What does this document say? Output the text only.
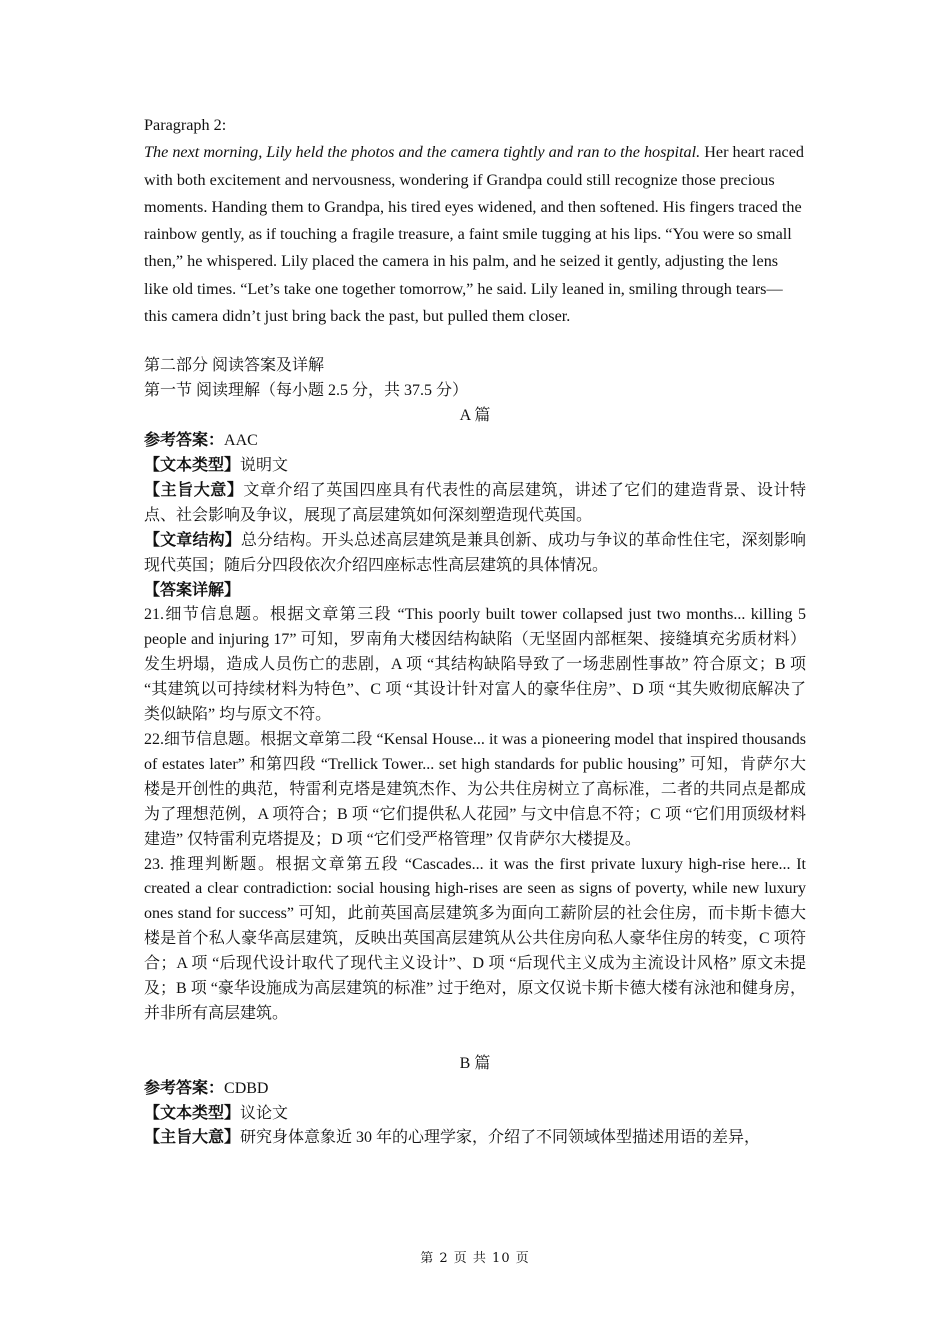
Paragraph 2:
The next morning, Lily held the photos and the camera tightly and ran to the hospital. Her heart raced with both excitement and nervousness, wondering if Grandpa could still recognize those precious moments. Handing them to Grandpa, his tired eyes widened, and then softened. His fingers traced the rainbow gently, as if touching a fragile treasure, a faint smile tugging at his lips. “You were so small then,” he whispered. Lily placed the camera in his palm, and he seized it gently, adjusting the lens like old times. “Let’s take one together tomorrow,” he said. Lily leaned in, smiling through tears—this camera didn’t just bring back the past, but pulled them closer.

第二部分 阅读答案及详解

第一节 阅读理解（每小题 2.5 分，共 37.5 分）

A 篇

参考答案：AAC

【文本类型】说明文

【主旨大意】文章介绍了英国四座具有代表性的高层建筑，讲述了它们的建造背景、设计特点、社会影响及争议，展现了高层建筑如何深刻塑造现代英国。

【文章结构】总分结构。开头总述高层建筑是兼具创新、成功与争议的革命性住宅，深刻影响现代英国；随后分四段依次介绍四座标志性高层建筑的具体情况。

【答案详解】

21.细节信息题。根据文章第三段 “This poorly built tower collapsed just two months... killing 5 people and injuring 17” 可知，罗南角大楼因结构缺陷（无坚固内部框架、接缝填充劣质材料）发生坍塌，造成人员伤亡的悲剧，A 项 “其结构缺陷导致了一场悲剧性事故” 符合原文；B 项 “其建筑以可持续材料为特色”、C 项 “其设计针对富人的豪华住房”、D 项 “其失败彻底解决了类似缺陷” 均与原文不符。

22.细节信息题。根据文章第二段 “Kensal House... it was a pioneering model that inspired thousands of estates later” 和第四段 “Trellick Tower... set high standards for public housing” 可知，肯萨尔大楼是开创性的典范，特雷利克塔是建筑杰作、为公共住房树立了高标准，二者的共同点是都成为了理想范例，A 项符合；B 项 “它们提供私人花园” 与文中信息不符；C 项 “它们用顶级材料建造” 仅特雷利克塔提及；D 项 “它们受严格管理” 仅肯萨尔大楼提及。

23. 推理判断题。根据文章第五段 “Cascades... it was the first private luxury high-rise here... It created a clear contradiction: social housing high-rises are seen as signs of poverty, while new luxury ones stand for success” 可知，此前英国高层建筑多为面向工薪阶层的社会住房，而卡斯卡德大楼是首个私人豪华高层建筑，反映出英国高层建筑从公共住房向私人豪华住房的转变，C 项符合；A 项 “后现代设计取代了现代主义设计”、D 项 “后现代主义成为主流设计风格” 原文未提及；B 项 “豪华设施成为高层建筑的标准” 过于绝对，原文仅说卡斯卡德大楼有泳池和健身房，并非所有高层建筑。

B 篇

参考答案：CDBD

【文本类型】议论文

【主旨大意】研究身体意象近 30 年的心理学家，介绍了不同领域体型描述用语的差异，

第 2 页 共 10 页
